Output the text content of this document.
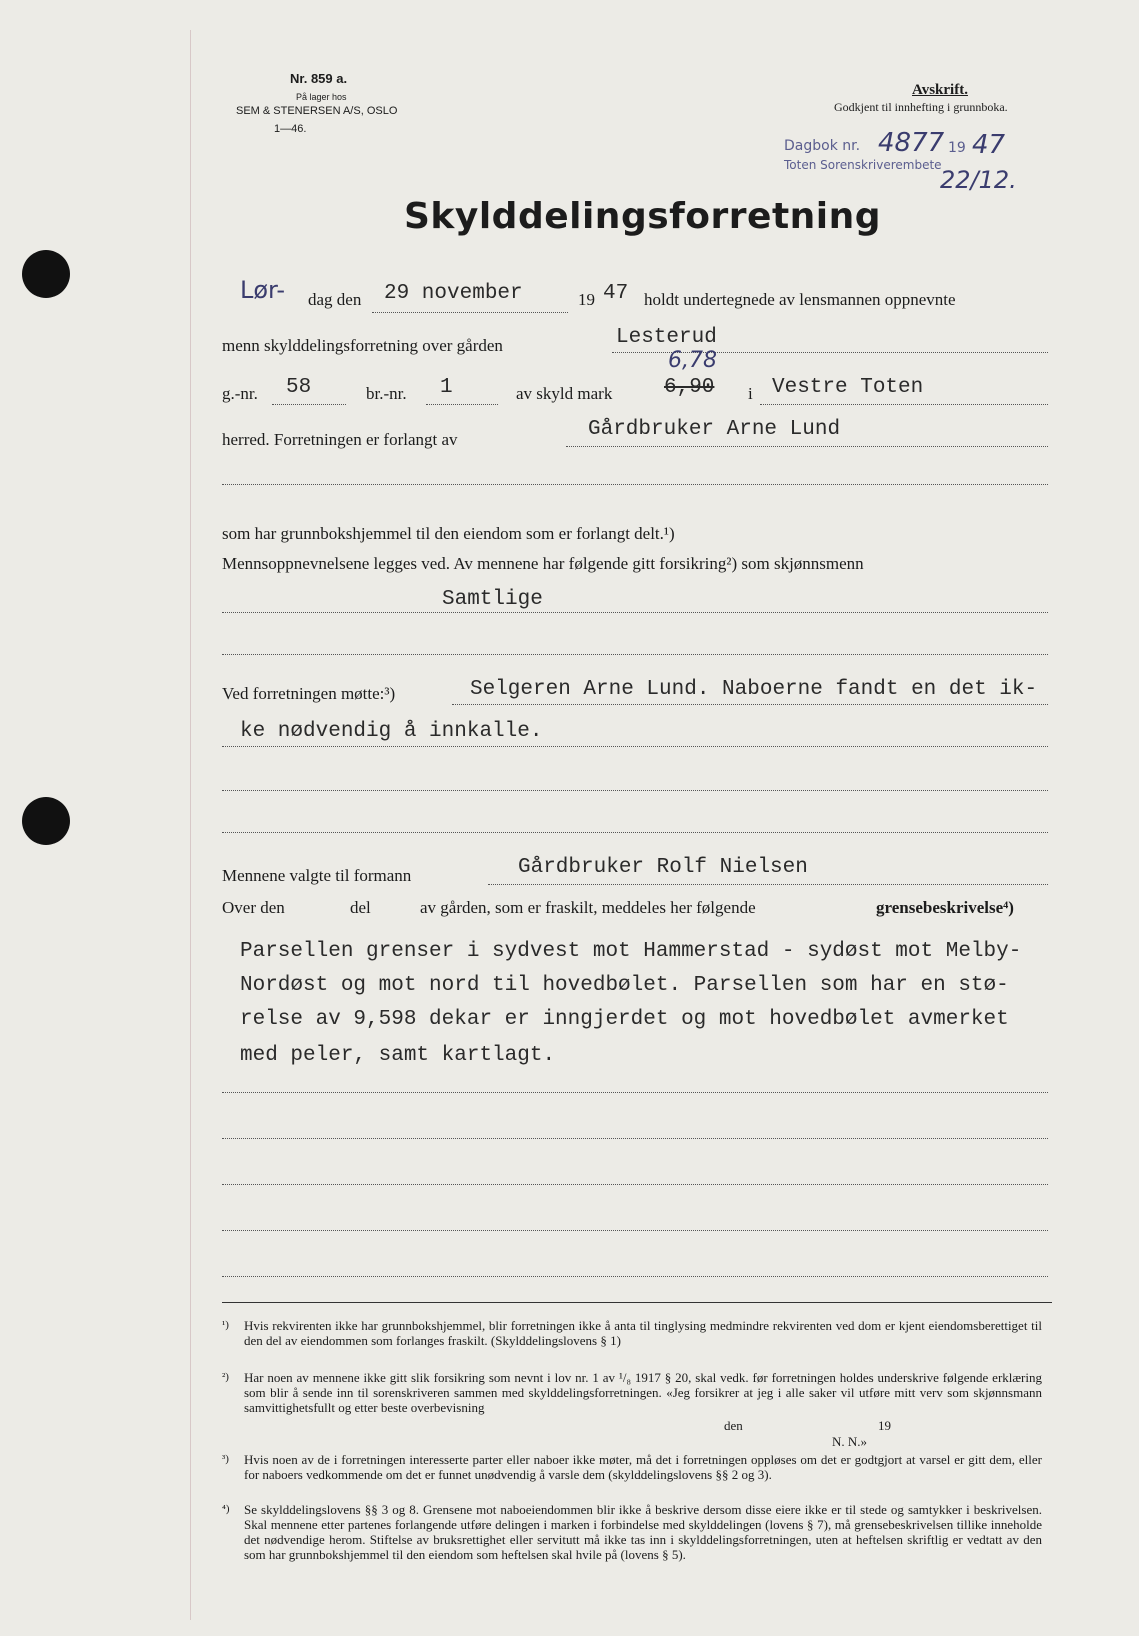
Nr. 859 a.
På lager hos
SEM & STENERSEN A/S, OSLO
1—46.
Avskrift.
Godkjent til innhefting i grunnboka.
Dagbok nr.
Toten Sorenskriverembete
4877 19 47
22/12.
Skylddelingsforretning
Lør- dag den 29 november	19 47 holdt undertegnede av lensmannen oppnevnte
menn skylddelingsforretning over gården	Lesterud
g.-nr. 58	br.-nr. 1	av skyld mark 6,90
6,78
i Vestre Toten
herred. Forretningen er forlangt av	Gårdbruker Arne Lund
som har grunnbokshjemmel til den eiendom som er forlangt delt.¹)
Mennsoppnevnelsene legges ved. Av mennene har følgende gitt forsikring²) som skjønnsmenn
Samtlige
Ved forretningen møtte:³)	Selgeren Arne Lund. Naboerne fandt en det ik-
ke nødvendig å innkalle.
Mennene valgte til formann	Gårdbruker Rolf Nielsen
Over den	del	av gården, som er fraskilt, meddeles her følgende	grensebeskrivelse⁴)
Parsellen grenser i sydvest mot Hammerstad - sydøst mot Melby-
Nordøst og mot nord til hovedbølet. Parsellen som har en stø-
relse av 9,598 dekar er inngjerdet og mot hovedbølet avmerket
med peler, samt kartlagt.
¹) Hvis rekvirenten ikke har grunnbokshjemmel, blir forretningen ikke å anta til tinglysing medmindre rekvirenten ved dom er kjent eiendomsberettiget til den del av eiendommen som forlanges fraskilt. (Skylddelingslovens § 1)
²) Har noen av mennene ikke gitt slik forsikring som nevnt i lov nr. 1 av ¹/₈ 1917 § 20, skal vedk. før forretningen holdes underskrive følgende erklæring som blir å sende inn til sorenskriveren sammen med skylddelingsforretningen. «Jeg forsikrer at jeg i alle saker vil utføre mitt verv som skjønnsmann samvittighetsfullt og etter beste overbevisning
den	19
N. N.»
³) Hvis noen av de i forretningen interesserte parter eller naboer ikke møter, må det i forretningen oppløses om det er godtgjort at varsel er gitt dem, eller for naboers vedkommende om det er funnet unødvendig å varsle dem (skylddelingslovens §§ 2 og 3).
⁴) Se skylddelingslovens §§ 3 og 8. Grensene mot naboeiendommen blir ikke å beskrive dersom disse eiere ikke er til stede og samtykker i beskrivelsen. Skal mennene etter partenes forlangende utføre delingen i marken i forbindelse med skylddelingen (lovens § 7), må grensebeskrivelsen tillike inneholde det nødvendige herom. Stiftelse av bruksrettighet eller servitutt må ikke tas inn i skylddelingsforretningen, uten at heftelsen skriftlig er vedtatt av den som har grunnbokshjemmel til den eiendom som heftelsen skal hvile på (lovens § 5).
